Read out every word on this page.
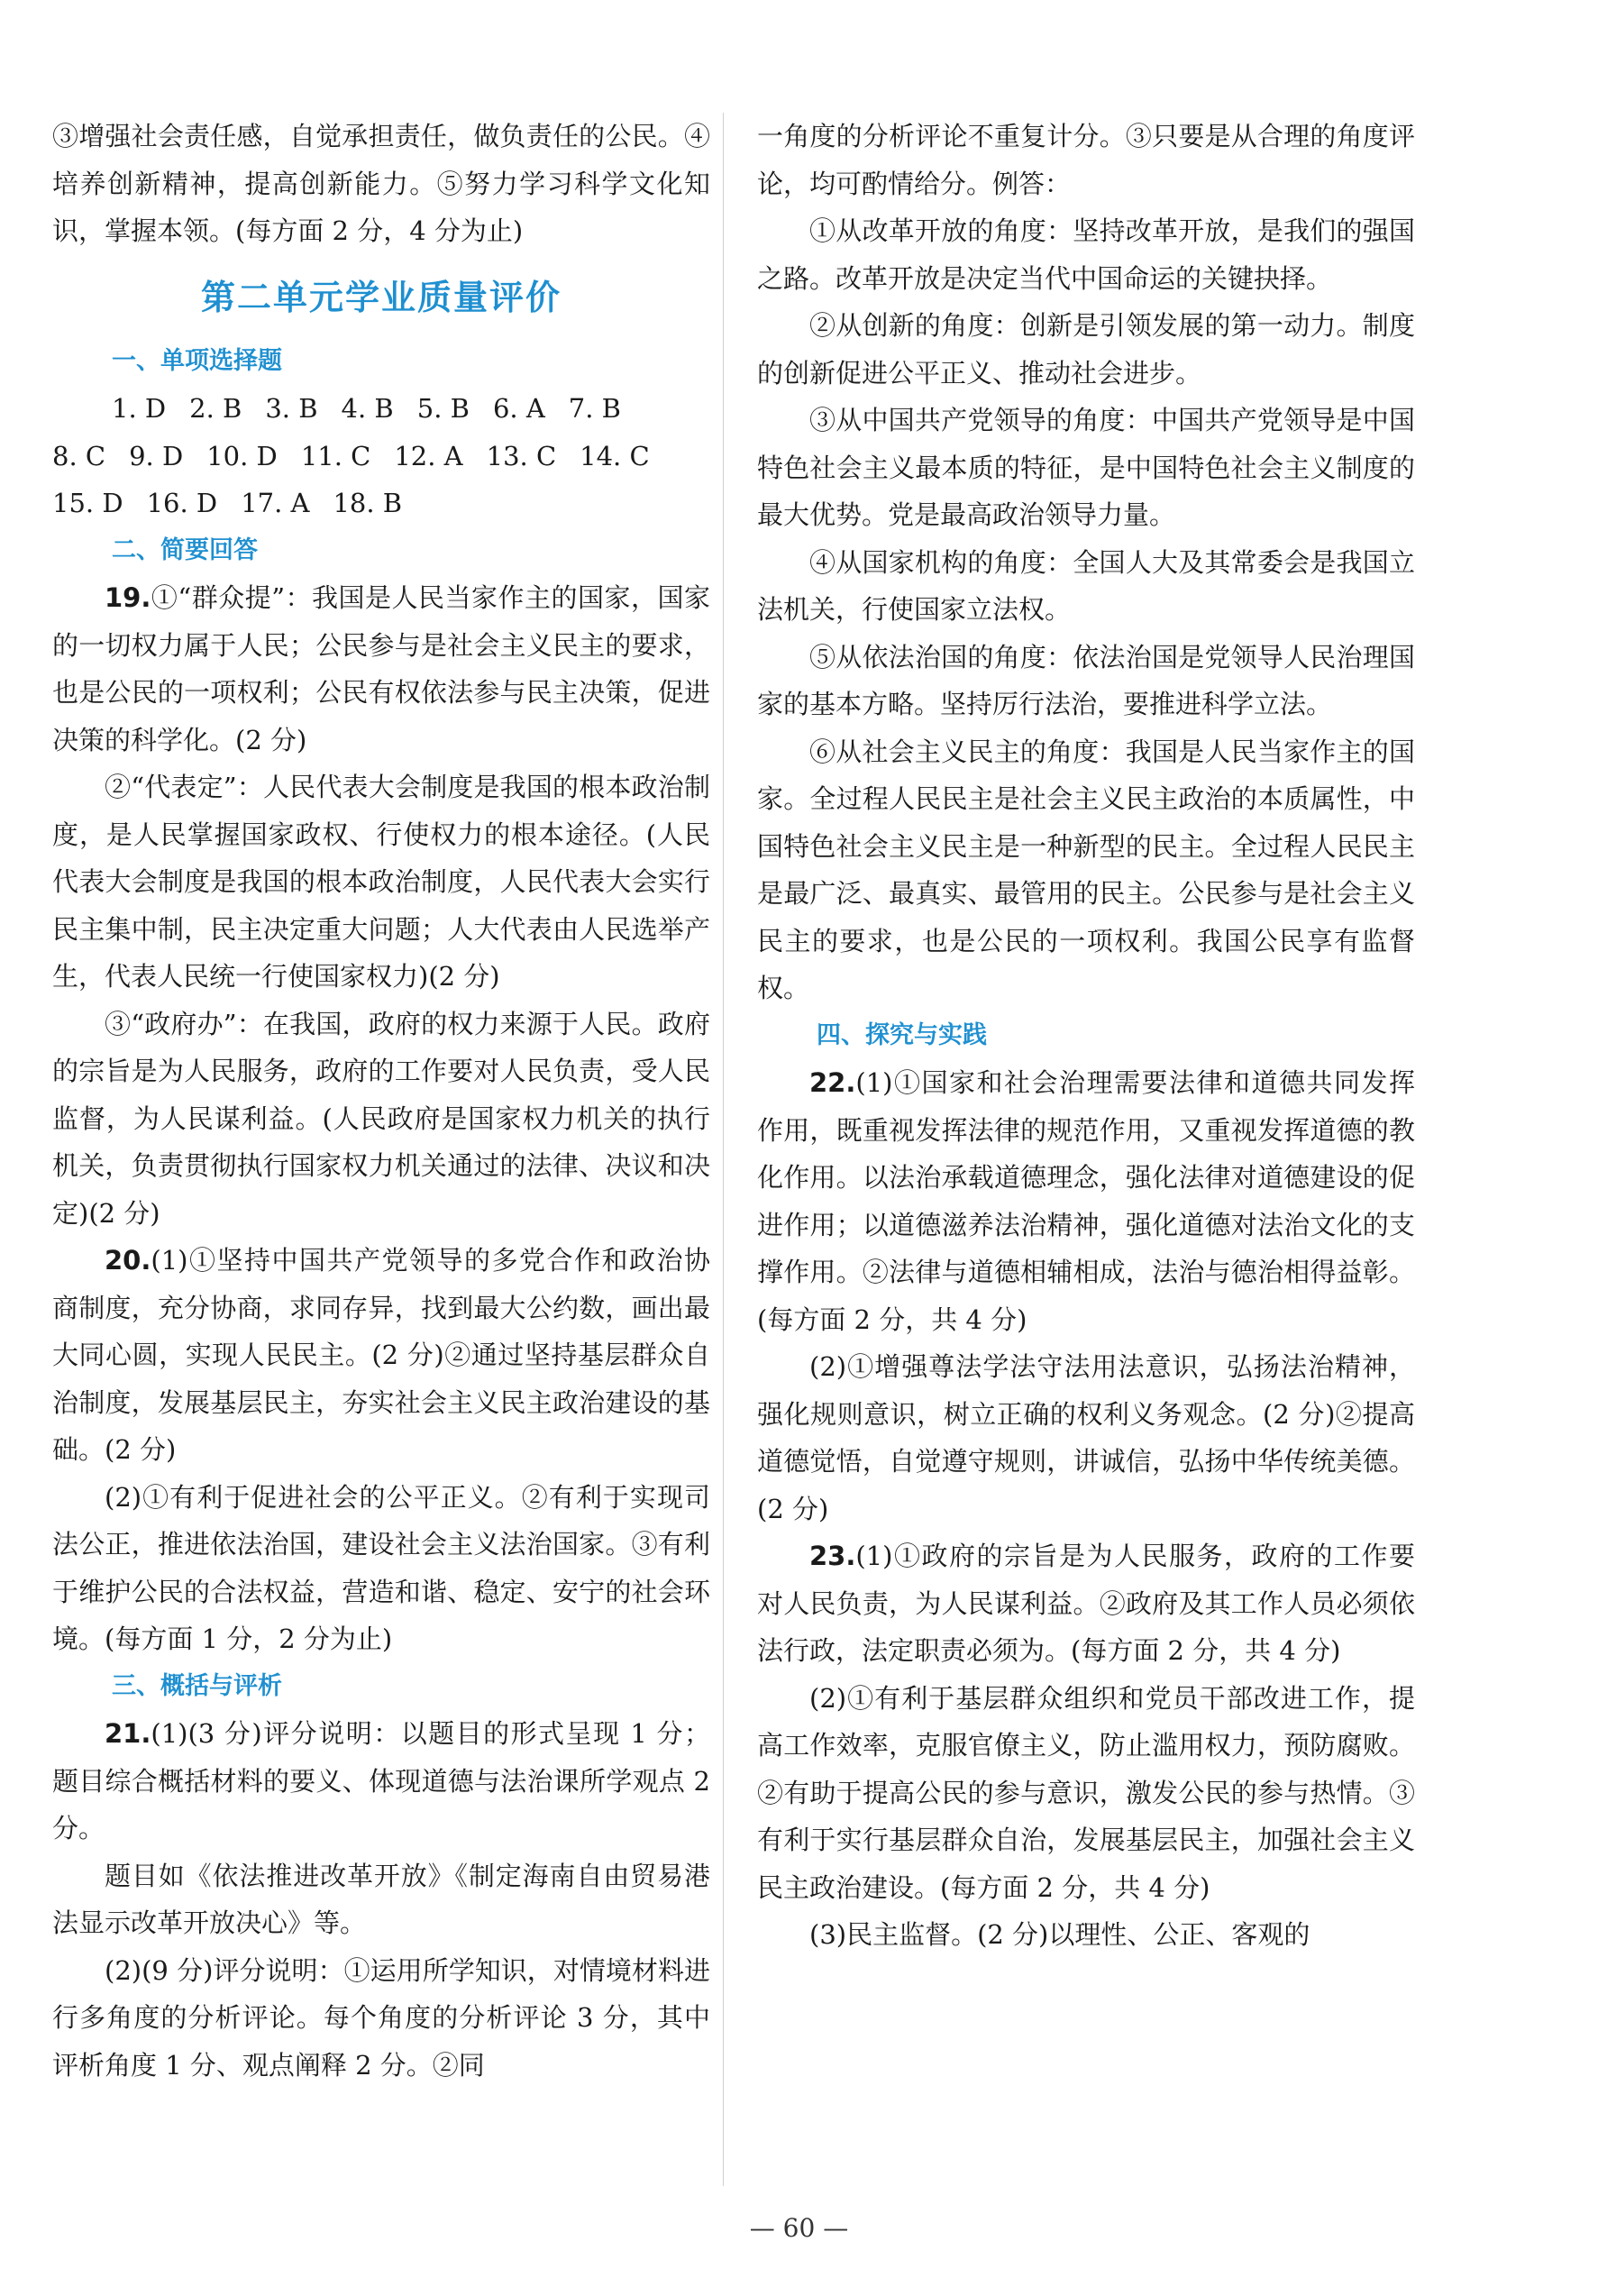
③增强社会责任感，自觉承担责任，做负责任的公民。④培养创新精神，提高创新能力。⑤努力学习科学文化知识，掌握本领。(每方面 2 分，4 分为止)

第二单元学业质量评价
一、单项选择题
1. D 2. B 3. B 4. B 5. B 6. A 7. B
8. C 9. D 10. D 11. C 12. A 13. C 14. C
15. D 16. D 17. A 18. B
二、简要回答

19.①“群众提”：我国是人民当家作主的国家，国家的一切权力属于人民；公民参与是社会主义民主的要求，也是公民的一项权利；公民有权依法参与民主决策，促进决策的科学化。(2 分)

②“代表定”：人民代表大会制度是我国的根本政治制度，是人民掌握国家政权、行使权力的根本途径。(人民代表大会制度是我国的根本政治制度，人民代表大会实行民主集中制，民主决定重大问题；人大代表由人民选举产生，代表人民统一行使国家权力)(2 分)

③“政府办”：在我国，政府的权力来源于人民。政府的宗旨是为人民服务，政府的工作要对人民负责，受人民监督，为人民谋利益。(人民政府是国家权力机关的执行机关，负责贯彻执行国家权力机关通过的法律、决议和决定)(2 分)

20.(1)①坚持中国共产党领导的多党合作和政治协商制度，充分协商，求同存异，找到最大公约数，画出最大同心圆，实现人民民主。(2 分)②通过坚持基层群众自治制度，发展基层民主，夯实社会主义民主政治建设的基础。(2 分)

(2)①有利于促进社会的公平正义。②有利于实现司法公正，推进依法治国，建设社会主义法治国家。③有利于维护公民的合法权益，营造和谐、稳定、安宁的社会环境。(每方面 1 分，2 分为止)

三、概括与评析

21.(1)(3 分)评分说明：以题目的形式呈现 1 分；题目综合概括材料的要义、体现道德与法治课所学观点 2 分。

题目如《依法推进改革开放》《制定海南自由贸易港法显示改革开放决心》等。

(2)(9 分)评分说明：①运用所学知识，对情境材料进行多角度的分析评论。每个角度的分析评论 3 分，其中评析角度 1 分、观点阐释 2 分。②同

一角度的分析评论不重复计分。③只要是从合理的角度评论，均可酌情给分。例答：

①从改革开放的角度：坚持改革开放，是我们的强国之路。改革开放是决定当代中国命运的关键抉择。

②从创新的角度：创新是引领发展的第一动力。制度的创新促进公平正义、推动社会进步。

③从中国共产党领导的角度：中国共产党领导是中国特色社会主义最本质的特征，是中国特色社会主义制度的最大优势。党是最高政治领导力量。

④从国家机构的角度：全国人大及其常委会是我国立法机关，行使国家立法权。

⑤从依法治国的角度：依法治国是党领导人民治理国家的基本方略。坚持厉行法治，要推进科学立法。

⑥从社会主义民主的角度：我国是人民当家作主的国家。全过程人民民主是社会主义民主政治的本质属性，中国特色社会主义民主是一种新型的民主。全过程人民民主是最广泛、最真实、最管用的民主。公民参与是社会主义民主的要求，也是公民的一项权利。我国公民享有监督权。

四、探究与实践

22.(1)①国家和社会治理需要法律和道德共同发挥作用，既重视发挥法律的规范作用，又重视发挥道德的教化作用。以法治承载道德理念，强化法律对道德建设的促进作用；以道德滋养法治精神，强化道德对法治文化的支撑作用。②法律与道德相辅相成，法治与德治相得益彰。(每方面 2 分，共 4 分)

(2)①增强尊法学法守法用法意识，弘扬法治精神，强化规则意识，树立正确的权利义务观念。(2 分)②提高道德觉悟，自觉遵守规则，讲诚信，弘扬中华传统美德。(2 分)

23.(1)①政府的宗旨是为人民服务，政府的工作要对人民负责，为人民谋利益。②政府及其工作人员必须依法行政，法定职责必须为。(每方面 2 分，共 4 分)

(2)①有利于基层群众组织和党员干部改进工作，提高工作效率，克服官僚主义，防止滥用权力，预防腐败。②有助于提高公民的参与意识，激发公民的参与热情。③有利于实行基层群众自治，发展基层民主，加强社会主义民主政治建设。(每方面 2 分，共 4 分)

(3)民主监督。(2 分)以理性、公正、客观的

— 60 —
